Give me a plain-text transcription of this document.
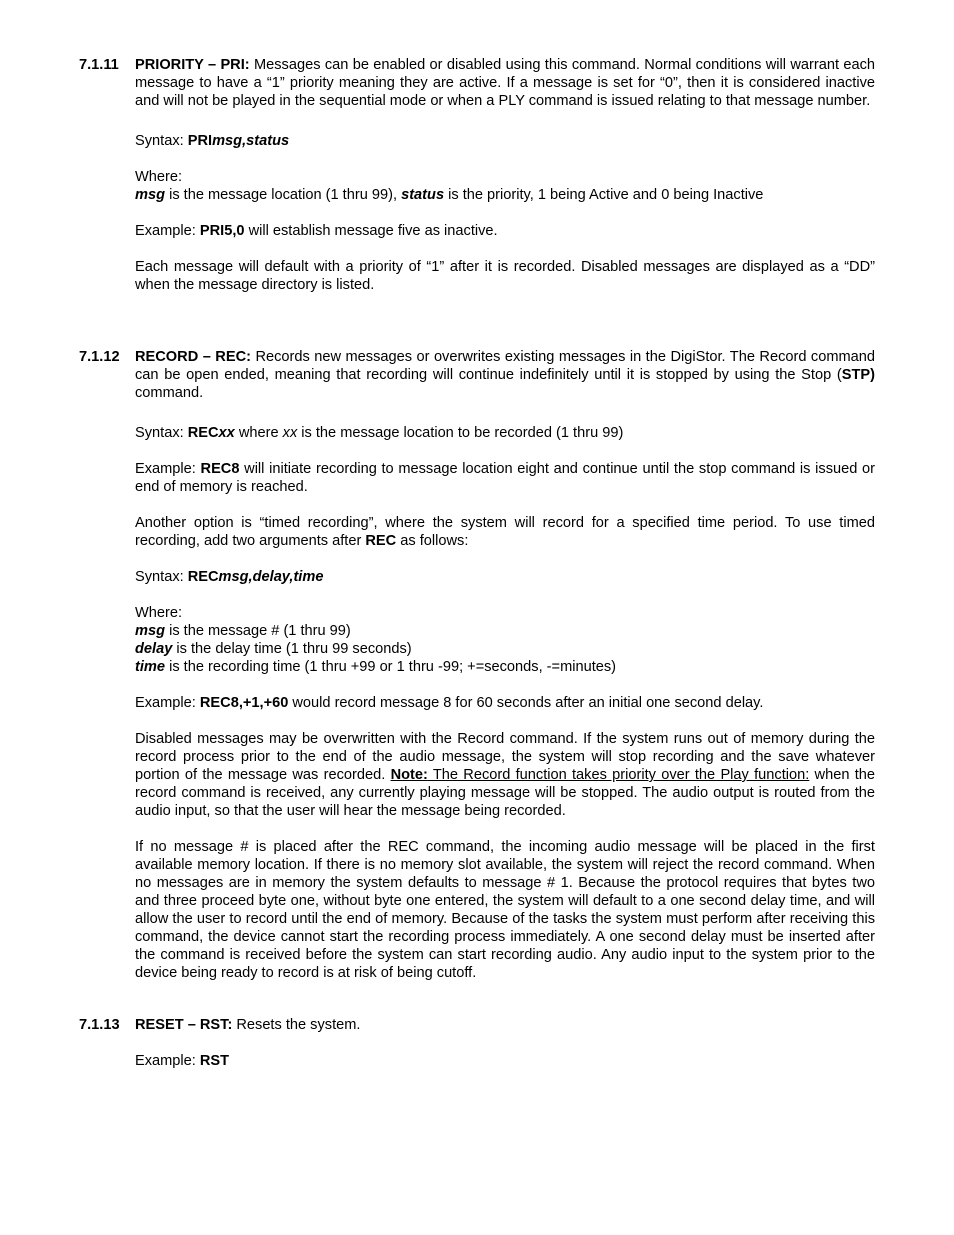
7.1.11 PRIORITY – PRI: Messages can be enabled or disabled using this command. Normal conditions will warrant each message to have a “1” priority meaning they are active. If a message is set for “0”, then it is considered inactive and will not be played in the sequential mode or when a PLY command is issued relating to that message number.

Syntax: PRImsg,status

Where:

msg is the message location (1 thru 99), status is the priority, 1 being Active and 0 being Inactive

Example: PRI5,0 will establish message five as inactive.

Each message will default with a priority of “1” after it is recorded. Disabled messages are displayed as a “DD” when the message directory is listed.

7.1.12 RECORD – REC: Records new messages or overwrites existing messages in the DigiStor. The Record command can be open ended, meaning that recording will continue indefinitely until it is stopped by using the Stop (STP) command.

Syntax: RECxx where xx is the message location to be recorded (1 thru 99)

Example: REC8 will initiate recording to message location eight and continue until the stop command is issued or end of memory is reached.

Another option is “timed recording”, where the system will record for a specified time period. To use timed recording, add two arguments after REC as follows:

Syntax: RECmsg,delay,time

Where:

msg is the message # (1 thru 99)

delay is the delay time (1 thru 99 seconds)

time is the recording time (1 thru +99 or 1 thru -99; +=seconds, -=minutes)

Example: REC8,+1,+60 would record message 8 for 60 seconds after an initial one second delay.

Disabled messages may be overwritten with the Record command. If the system runs out of memory during the record process prior to the end of the audio message, the system will stop recording and the save whatever portion of the message was recorded. Note: The Record function takes priority over the Play function: when the record command is received, any currently playing message will be stopped. The audio output is routed from the audio input, so that the user will hear the message being recorded.

If no message # is placed after the REC command, the incoming audio message will be placed in the first available memory location. If there is no memory slot available, the system will reject the record command. When no messages are in memory the system defaults to message # 1. Because the protocol requires that bytes two and three proceed byte one, without byte one entered, the system will default to a one second delay time, and will allow the user to record until the end of memory. Because of the tasks the system must perform after receiving this command, the device cannot start the recording process immediately. A one second delay must be inserted after the command is received before the system can start recording audio. Any audio input to the system prior to the device being ready to record is at risk of being cutoff.

7.1.13 RESET – RST: Resets the system.

Example: RST
